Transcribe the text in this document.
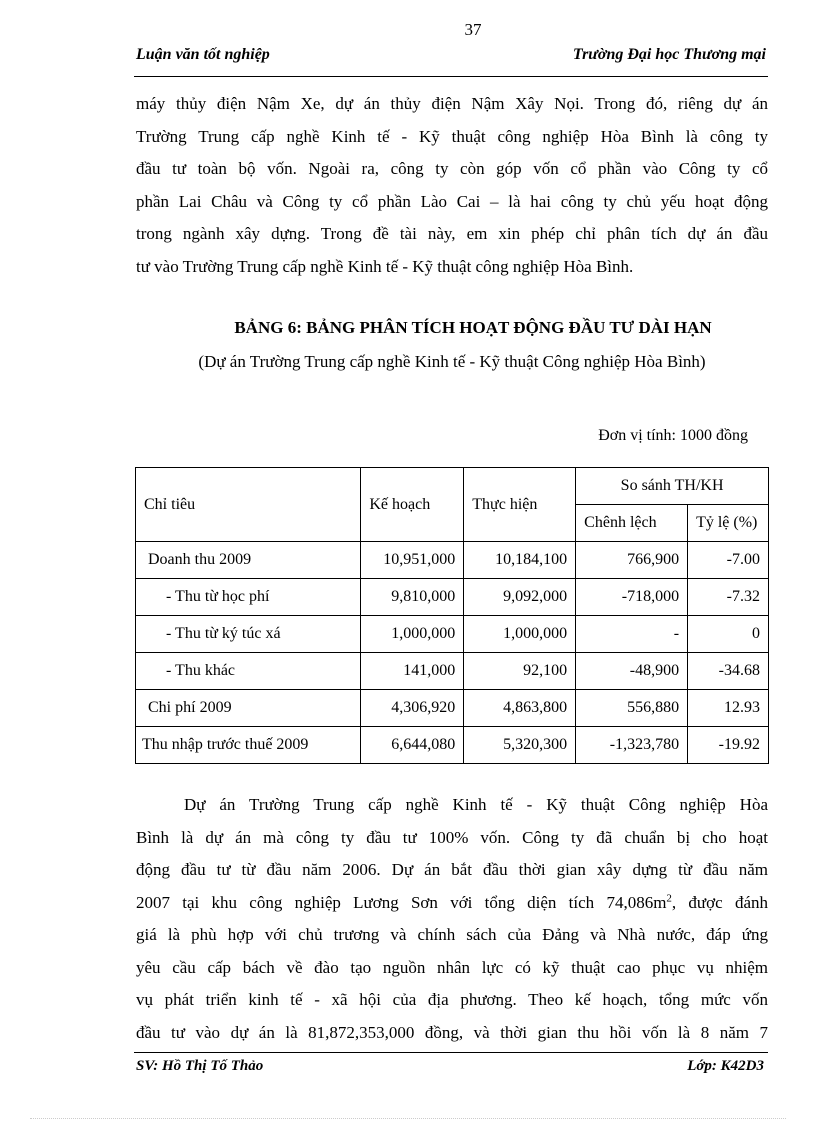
37
Luận văn tốt nghiệp	Trường Đại học Thương mại

máy thủy điện Nậm Xe, dự án thủy điện Nậm Xây Nọi. Trong đó, riêng dự án
Trường Trung cấp nghề Kinh tế - Kỹ thuật công nghiệp Hòa Bình là công ty
đầu tư toàn bộ vốn. Ngoài ra, công ty còn góp vốn cổ phần vào Công ty cổ
phần Lai Châu và Công ty cổ phần Lào Cai – là hai công ty chủ yếu hoạt động
trong ngành xây dựng. Trong đề tài này, em xin phép chỉ phân tích dự án đầu
tư vào Trường Trung cấp nghề Kinh tế - Kỹ thuật công nghiệp Hòa Bình.

BẢNG 6: BẢNG PHÂN TÍCH HOẠT ĐỘNG ĐẦU TƯ DÀI HẠN
(Dự án Trường Trung cấp nghề Kinh tế - Kỹ thuật Công nghiệp Hòa Bình)
Đơn vị tính: 1000 đồng
Chỉ tiêu	Kế hoạch	Thực hiện	So sánh TH/KH	
			Chênh lệch	Tỷ lệ (%)
Doanh thu 2009	10,951,000	10,184,100	766,900	-7.00
- Thu từ học phí	9,810,000	9,092,000	-718,000	-7.32
- Thu từ ký túc xá	1,000,000	1,000,000	-	0
- Thu khác	141,000	92,100	-48,900	-34.68
Chi phí 2009	4,306,920	4,863,800	556,880	12.93
Thu nhập trước thuế 2009	6,644,080	5,320,300	-1,323,780	-19.92

Dự án Trường Trung cấp nghề Kinh tế - Kỹ thuật Công nghiệp Hòa
Bình là dự án mà công ty đầu tư 100% vốn. Công ty đã chuẩn bị cho hoạt
động đầu tư từ đầu năm 2006. Dự án bắt đầu thời gian xây dựng từ đầu năm
2007 tại khu công nghiệp Lương Sơn với tổng diện tích $74,086m^2$, được đánh
giá là phù hợp với chủ trương và chính sách của Đảng và Nhà nước, đáp ứng
yêu cầu cấp bách về đào tạo nguồn nhân lực có kỹ thuật cao phục vụ nhiệm
vụ phát triển kinh tế - xã hội của địa phương. Theo kế hoạch, tổng mức vốn
đầu tư vào dự án là 81,872,353,000 đồng, và thời gian thu hồi vốn là 8 năm 7

SV: Hồ Thị Tố Thảo	Lớp: K42D3
